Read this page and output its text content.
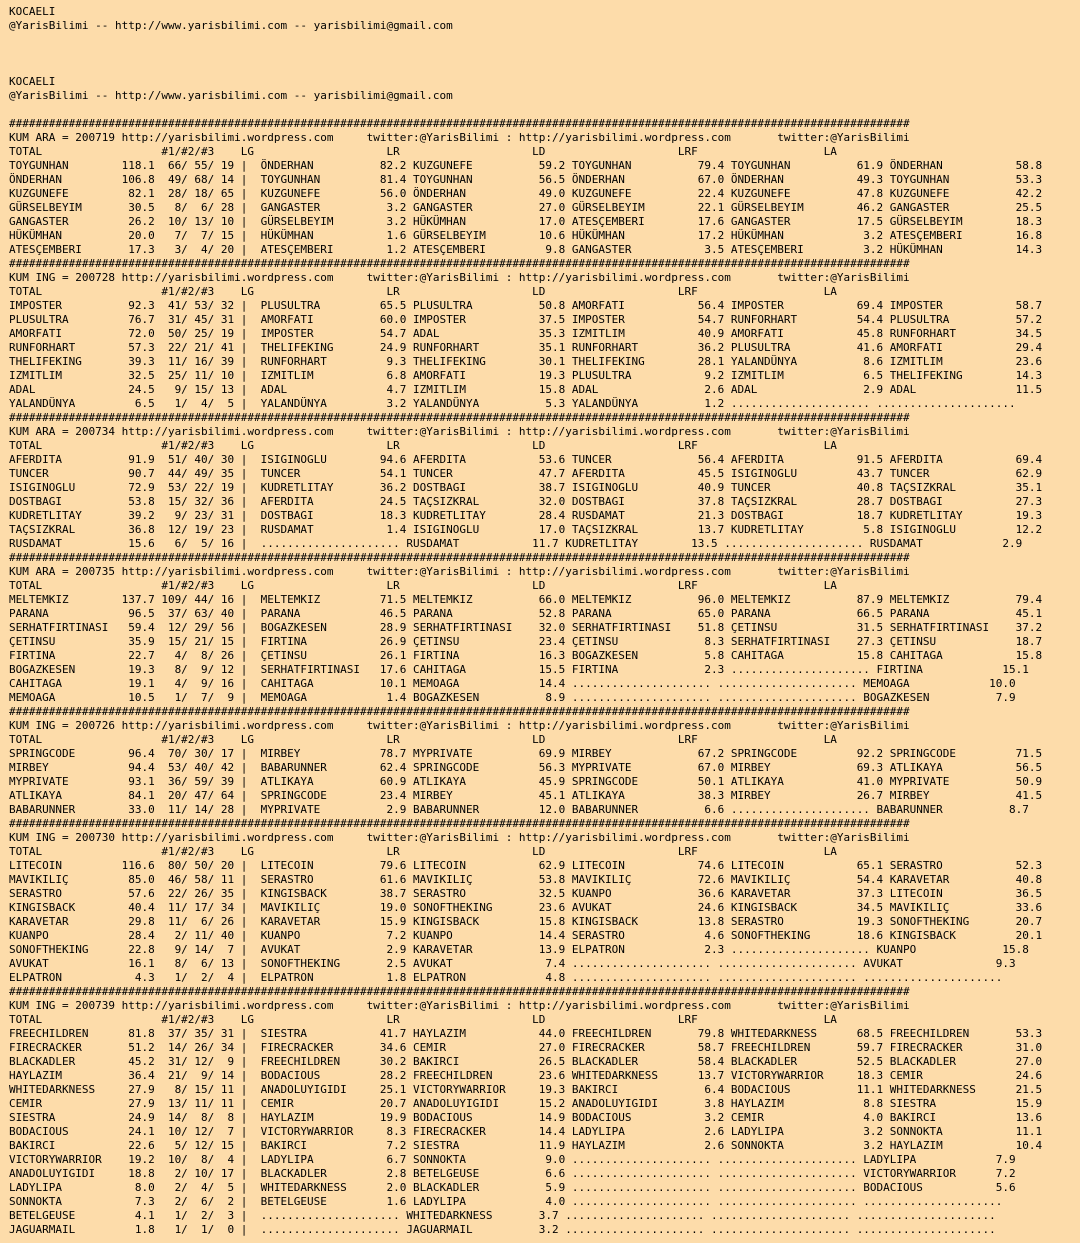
KOCAELI
@YarisBilimi -- http://www.yarisbilimi.com -- yarisbilimi@gmail.com
KOCAELI
@YarisBilimi -- http://www.yarisbilimi.com -- yarisbilimi@gmail.com
########################################################################################################################################
KUM ARA = 200719 http://yarisbilimi.wordpress.com     twitter:@YarisBilimi : http://yarisbilimi.wordpress.com       twitter:@YarisBilimi
TOTAL                  #1/#2/#3    LG                    LR                    LD                    LRF                   LA
TOYGUNHAN        118.1  66/ 55/ 19 |  ÖNDERHAN          82.2 KUZGUNEFE          59.2 TOYGUNHAN          79.4 TOYGUNHAN          61.9 ÖNDERHAN           58.8
ÖNDERHAN         106.8  49/ 68/ 14 |  TOYGUNHAN         81.4 TOYGUNHAN          56.5 ÖNDERHAN           67.0 ÖNDERHAN           49.3 TOYGUNHAN          53.3
KUZGUNEFE         82.1  28/ 18/ 65 |  KUZGUNEFE         56.0 ÖNDERHAN           49.0 KUZGUNEFE          22.4 KUZGUNEFE          47.8 KUZGUNEFE          42.2
GÜRSELBEYIM       30.5   8/  6/ 28 |  GANGASTER          3.2 GANGASTER          27.0 GÜRSELBEYIM        22.1 GÜRSELBEYIM        46.2 GANGASTER          25.5
GANGASTER         26.2  10/ 13/ 10 |  GÜRSELBEYIM        3.2 HÜKÜMHAN           17.0 ATESÇEMBERI        17.6 GANGASTER          17.5 GÜRSELBEYIM        18.3
HÜKÜMHAN          20.0   7/  7/ 15 |  HÜKÜMHAN           1.6 GÜRSELBEYIM        10.6 HÜKÜMHAN           17.2 HÜKÜMHAN            3.2 ATESÇEMBERI        16.8
ATESÇEMBERI       17.3   3/  4/ 20 |  ATESÇEMBERI        1.2 ATESÇEMBERI         9.8 GANGASTER           3.5 ATESÇEMBERI         3.2 HÜKÜMHAN           14.3
########################################################################################################################################
KUM ING = 200728 http://yarisbilimi.wordpress.com     twitter:@YarisBilimi : http://yarisbilimi.wordpress.com       twitter:@YarisBilimi
TOTAL                  #1/#2/#3    LG                    LR                    LD                    LRF                   LA
IMPOSTER          92.3  41/ 53/ 32 |  PLUSULTRA         65.5 PLUSULTRA          50.8 AMORFATI           56.4 IMPOSTER           69.4 IMPOSTER           58.7
PLUSULTRA         76.7  31/ 45/ 31 |  AMORFATI          60.0 IMPOSTER           37.5 IMPOSTER           54.7 RUNFORHART         54.4 PLUSULTRA          57.2
AMORFATI          72.0  50/ 25/ 19 |  IMPOSTER          54.7 ADAL               35.3 IZMITLIM           40.9 AMORFATI           45.8 RUNFORHART         34.5
RUNFORHART        57.3  22/ 21/ 41 |  THELIFEKING       24.9 RUNFORHART         35.1 RUNFORHART         36.2 PLUSULTRA          41.6 AMORFATI           29.4
THELIFEKING       39.3  11/ 16/ 39 |  RUNFORHART         9.3 THELIFEKING        30.1 THELIFEKING        28.1 YALANDÜNYA          8.6 IZMITLIM           23.6
IZMITLIM          32.5  25/ 11/ 10 |  IZMITLIM           6.8 AMORFATI           19.3 PLUSULTRA           9.2 IZMITLIM            6.5 THELIFEKING        14.3
ADAL              24.5   9/ 15/ 13 |  ADAL               4.7 IZMITLIM           15.8 ADAL                2.6 ADAL                2.9 ADAL               11.5
YALANDÜNYA         6.5   1/  4/  5 |  YALANDÜNYA         3.2 YALANDÜNYA          5.3 YALANDÜNYA          1.2 ..................... .....................
########################################################################################################################################
KUM ARA = 200734 http://yarisbilimi.wordpress.com     twitter:@YarisBilimi : http://yarisbilimi.wordpress.com       twitter:@YarisBilimi
TOTAL                  #1/#2/#3    LG                    LR                    LD                    LRF                   LA
AFERDITA          91.9  51/ 40/ 30 |  ISIGINOGLU        94.6 AFERDITA           53.6 TUNCER             56.4 AFERDITA           91.5 AFERDITA           69.4
TUNCER            90.7  44/ 49/ 35 |  TUNCER            54.1 TUNCER             47.7 AFERDITA           45.5 ISIGINOGLU         43.7 TUNCER             62.9
ISIGINOGLU        72.9  53/ 22/ 19 |  KUDRETLITAY       36.2 DOSTBAGI           38.7 ISIGINOGLU         40.9 TUNCER             40.8 TAÇSIZKRAL         35.1
DOSTBAGI          53.8  15/ 32/ 36 |  AFERDITA          24.5 TAÇSIZKRAL         32.0 DOSTBAGI           37.8 TAÇSIZKRAL         28.7 DOSTBAGI           27.3
KUDRETLITAY       39.2   9/ 23/ 31 |  DOSTBAGI          18.3 KUDRETLITAY        28.4 RUSDAMAT           21.3 DOSTBAGI           18.7 KUDRETLITAY        19.3
TAÇSIZKRAL        36.8  12/ 19/ 23 |  RUSDAMAT           1.4 ISIGINOGLU         17.0 TAÇSIZKRAL         13.7 KUDRETLITAY         5.8 ISIGINOGLU         12.2
RUSDAMAT          15.6   6/  5/ 16 |  ..................... RUSDAMAT           11.7 KUDRETLITAY        13.5 ..................... RUSDAMAT            2.9
########################################################################################################################################
KUM ARA = 200735 http://yarisbilimi.wordpress.com     twitter:@YarisBilimi : http://yarisbilimi.wordpress.com       twitter:@YarisBilimi
TOTAL                  #1/#2/#3    LG                    LR                    LD                    LRF                   LA
MELTEMKIZ        137.7 109/ 44/ 16 |  MELTEMKIZ         71.5 MELTEMKIZ          66.0 MELTEMKIZ          96.0 MELTEMKIZ          87.9 MELTEMKIZ          79.4
PARANA            96.5  37/ 63/ 40 |  PARANA            46.5 PARANA             52.8 PARANA             65.0 PARANA             66.5 PARANA             45.1
SERHATFIRTINASI   59.4  12/ 29/ 56 |  BOGAZKESEN        28.9 SERHATFIRTINASI    32.0 SERHATFIRTINASI    51.8 ÇETINSU            31.5 SERHATFIRTINASI    37.2
ÇETINSU           35.9  15/ 21/ 15 |  FIRTINA           26.9 ÇETINSU            23.4 ÇETINSU             8.3 SERHATFIRTINASI    27.3 ÇETINSU            18.7
FIRTINA           22.7   4/  8/ 26 |  ÇETINSU           26.1 FIRTINA            16.3 BOGAZKESEN          5.8 CAHITAGA           15.8 CAHITAGA           15.8
BOGAZKESEN        19.3   8/  9/ 12 |  SERHATFIRTINASI   17.6 CAHITAGA           15.5 FIRTINA             2.3 ..................... FIRTINA            15.1
CAHITAGA          19.1   4/  9/ 16 |  CAHITAGA          10.1 MEMOAGA            14.4 ..................... ..................... MEMOAGA            10.0
MEMOAGA           10.5   1/  7/  9 |  MEMOAGA            1.4 BOGAZKESEN          8.9 ..................... ..................... BOGAZKESEN          7.9
########################################################################################################################################
KUM ING = 200726 http://yarisbilimi.wordpress.com     twitter:@YarisBilimi : http://yarisbilimi.wordpress.com       twitter:@YarisBilimi
TOTAL                  #1/#2/#3    LG                    LR                    LD                    LRF                   LA
SPRINGCODE        96.4  70/ 30/ 17 |  MIRBEY            78.7 MYPRIVATE          69.9 MIRBEY             67.2 SPRINGCODE         92.2 SPRINGCODE         71.5
MIRBEY            94.4  53/ 40/ 42 |  BABARUNNER        62.4 SPRINGCODE         56.3 MYPRIVATE          67.0 MIRBEY             69.3 ATLIKAYA           56.5
MYPRIVATE         93.1  36/ 59/ 39 |  ATLIKAYA          60.9 ATLIKAYA           45.9 SPRINGCODE         50.1 ATLIKAYA           41.0 MYPRIVATE          50.9
ATLIKAYA          84.1  20/ 47/ 64 |  SPRINGCODE        23.4 MIRBEY             45.1 ATLIKAYA           38.3 MIRBEY             26.7 MIRBEY             41.5
BABARUNNER        33.0  11/ 14/ 28 |  MYPRIVATE          2.9 BABARUNNER         12.0 BABARUNNER          6.6 ..................... BABARUNNER          8.7
########################################################################################################################################
KUM ING = 200730 http://yarisbilimi.wordpress.com     twitter:@YarisBilimi : http://yarisbilimi.wordpress.com       twitter:@YarisBilimi
TOTAL                  #1/#2/#3    LG                    LR                    LD                    LRF                   LA
LITECOIN         116.6  80/ 50/ 20 |  LITECOIN          79.6 LITECOIN           62.9 LITECOIN           74.6 LITECOIN           65.1 SERASTRO           52.3
MAVIKILIÇ         85.0  46/ 58/ 11 |  SERASTRO          61.6 MAVIKILIÇ          53.8 MAVIKILIÇ          72.6 MAVIKILIÇ          54.4 KARAVETAR          40.8
SERASTRO          57.6  22/ 26/ 35 |  KINGISBACK        38.7 SERASTRO           32.5 KUANPO             36.6 KARAVETAR          37.3 LITECOIN           36.5
KINGISBACK        40.4  11/ 17/ 34 |  MAVIKILIÇ         19.0 SONOFTHEKING       23.6 AVUKAT             24.6 KINGISBACK         34.5 MAVIKILIÇ          33.6
KARAVETAR         29.8  11/  6/ 26 |  KARAVETAR         15.9 KINGISBACK         15.8 KINGISBACK         13.8 SERASTRO           19.3 SONOFTHEKING       20.7
KUANPO            28.4   2/ 11/ 40 |  KUANPO             7.2 KUANPO             14.4 SERASTRO            4.6 SONOFTHEKING       18.6 KINGISBACK         20.1
SONOFTHEKING      22.8   9/ 14/  7 |  AVUKAT             2.9 KARAVETAR          13.9 ELPATRON            2.3 ..................... KUANPO             15.8
AVUKAT            16.1   8/  6/ 13 |  SONOFTHEKING       2.5 AVUKAT              7.4 ..................... ..................... AVUKAT              9.3
ELPATRON           4.3   1/  2/  4 |  ELPATRON           1.8 ELPATRON            4.8 ..................... ..................... .....................
########################################################################################################################################
KUM ING = 200739 http://yarisbilimi.wordpress.com     twitter:@YarisBilimi : http://yarisbilimi.wordpress.com       twitter:@YarisBilimi
TOTAL                  #1/#2/#3    LG                    LR                    LD                    LRF                   LA
FREECHILDREN      81.8  37/ 35/ 31 |  SIESTRA           41.7 HAYLAZIM           44.0 FREECHILDREN       79.8 WHITEDARKNESS      68.5 FREECHILDREN       53.3
FIRECRACKER       51.2  14/ 26/ 34 |  FIRECRACKER       34.6 CEMIR              27.0 FIRECRACKER        58.7 FREECHILDREN       59.7 FIRECRACKER        31.0
BLACKADLER        45.2  31/ 12/  9 |  FREECHILDREN      30.2 BAKIRCI            26.5 BLACKADLER         58.4 BLACKADLER         52.5 BLACKADLER         27.0
HAYLAZIM          36.4  21/  9/ 14 |  BODACIOUS         28.2 FREECHILDREN       23.6 WHITEDARKNESS      13.7 VICTORYWARRIOR     18.3 CEMIR              24.6
WHITEDARKNESS     27.9   8/ 15/ 11 |  ANADOLUYIGIDI     25.1 VICTORYWARRIOR     19.3 BAKIRCI             6.4 BODACIOUS          11.1 WHITEDARKNESS      21.5
CEMIR             27.9  13/ 11/ 11 |  CEMIR             20.7 ANADOLUYIGIDI      15.2 ANADOLUYIGIDI       3.8 HAYLAZIM            8.8 SIESTRA            15.9
SIESTRA           24.9  14/  8/  8 |  HAYLAZIM          19.9 BODACIOUS          14.9 BODACIOUS           3.2 CEMIR               4.0 BAKIRCI            13.6
BODACIOUS         24.1  10/ 12/  7 |  VICTORYWARRIOR     8.3 FIRECRACKER        14.4 LADYLIPA            2.6 LADYLIPA            3.2 SONNOKTA           11.1
BAKIRCI           22.6   5/ 12/ 15 |  BAKIRCI            7.2 SIESTRA            11.9 HAYLAZIM            2.6 SONNOKTA            3.2 HAYLAZIM           10.4
VICTORYWARRIOR    19.2  10/  8/  4 |  LADYLIPA           6.7 SONNOKTA            9.0 ..................... ..................... LADYLIPA            7.9
ANADOLUYIGIDI     18.8   2/ 10/ 17 |  BLACKADLER         2.8 BETELGEUSE          6.6 ..................... ..................... VICTORYWARRIOR      7.2
LADYLIPA           8.0   2/  4/  5 |  WHITEDARKNESS      2.0 BLACKADLER          5.9 ..................... ..................... BODACIOUS           5.6
SONNOKTA           7.3   2/  6/  2 |  BETELGEUSE         1.6 LADYLIPA            4.0 ..................... ..................... .....................
BETELGEUSE         4.1   1/  2/  3 |  ..................... WHITEDARKNESS       3.7 ..................... ..................... .....................
JAGUARMAIL         1.8   1/  1/  0 |  ..................... JAGUARMAIL          3.2 ..................... ..................... .....................
